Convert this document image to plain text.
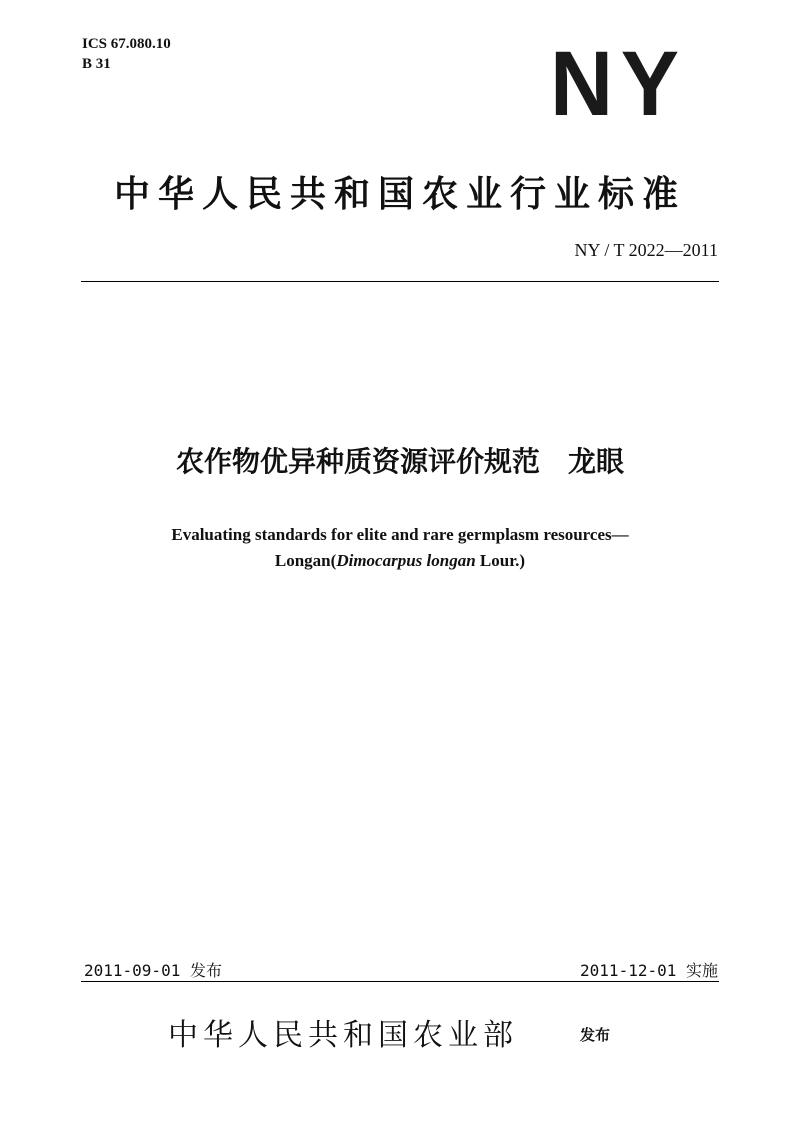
ICS 67.080.10
B 31	NY
中华人民共和国农业行业标准
NY / T 2022—2011
农作物优异种质资源评价规范　龙眼
Evaluating standards for elite and rare germplasm resources—
Longan(Dimocarpus longan Lour.)
2011-09-01 发布	2011-12-01 实施
中华人民共和国农业部	发布
